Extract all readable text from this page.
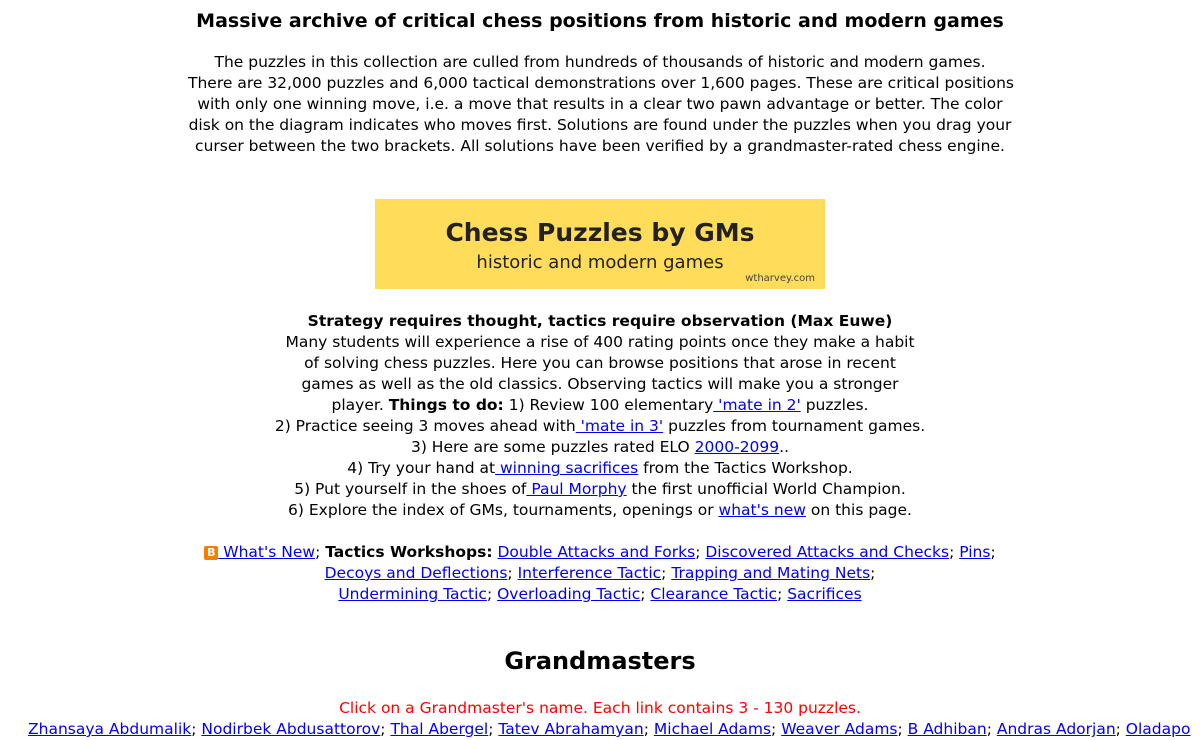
Massive archive of critical chess positions from historic and modern games
The puzzles in this collection are culled from hundreds of thousands of historic and modern games.
There are 32,000 puzzles and 6,000 tactical demonstrations over 1,600 pages. These are critical positions
with only one winning move, i.e. a move that results in a clear two pawn advantage or better. The color
disk on the diagram indicates who moves first. Solutions are found under the puzzles when you drag your
curser between the two brackets. All solutions have been verified by a grandmaster-rated chess engine.
Chess Puzzles by GMs
historic and modern games
wtharvey.com
Strategy requires thought, tactics require observation (Max Euwe)
Many students will experience a rise of 400 rating points once they make a habit
of solving chess puzzles. Here you can browse positions that arose in recent
games as well as the old classics. Observing tactics will make you a stronger
player. Things to do: 1) Review 100 elementary 'mate in 2' puzzles.
2) Practice seeing 3 moves ahead with 'mate in 3' puzzles from tournament games.
3) Here are some puzzles rated ELO 2000-2099..
4) Try your hand at winning sacrifices from the Tactics Workshop.
5) Put yourself in the shoes of Paul Morphy the first unofficial World Champion.
6) Explore the index of GMs, tournaments, openings or what's new on this page.
B What's New; Tactics Workshops: Double Attacks and Forks; Discovered Attacks and Checks; Pins;
Decoys and Deflections; Interference Tactic; Trapping and Mating Nets;
Undermining Tactic; Overloading Tactic; Clearance Tactic; Sacrifices
Grandmasters
Click on a Grandmaster's name. Each link contains 3 - 130 puzzles.
Zhansaya Abdumalik; Nodirbek Abdusattorov; Thal Abergel; Tatev Abrahamyan; Michael Adams; Weaver Adams; B Adhiban; Andras Adorjan; Oladapo
